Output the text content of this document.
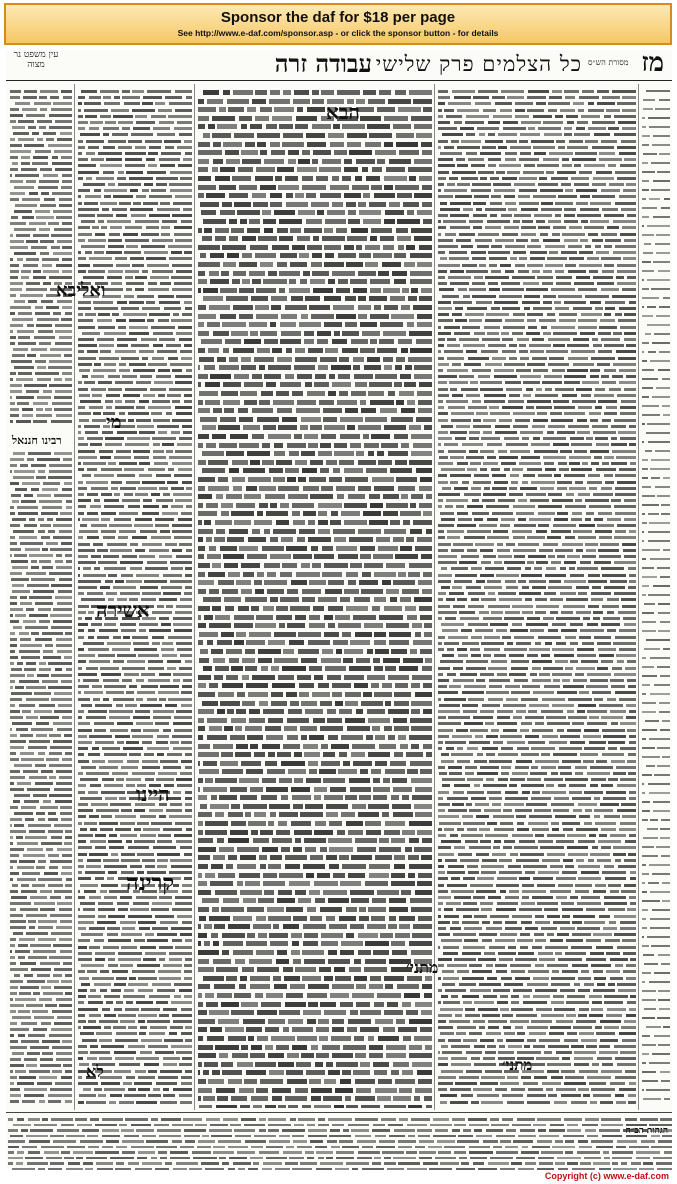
Sponsor the daf for $18 per page
See http://www.e-daf.com/sponsor.asp - or click the sponsor button - for details
מז
עבודה זרה כל הצלמים פרק שלישי
עין משפט נר מצוה	מסורת הש״ס
הבא
ואליבא
מי
אשירה
היינו
קרינה
מתני׳
מתני׳
לא
רבינו חננאל
הגהות הב״ח
Copyright (c) www.e-daf.com
